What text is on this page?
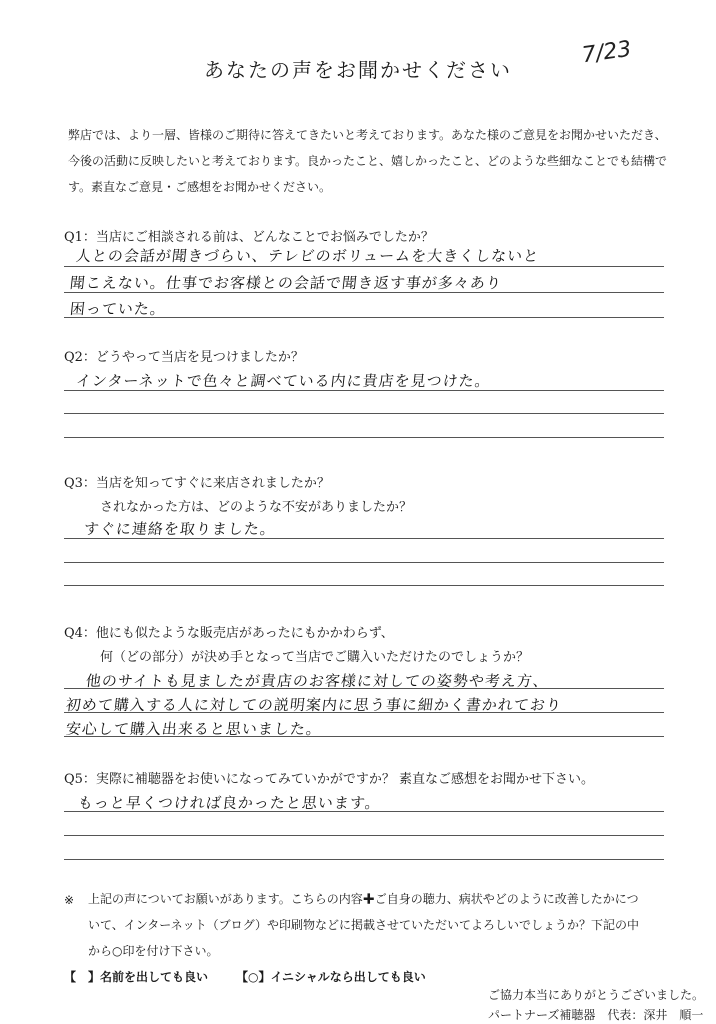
あなたの声をお聞かせください
7/23
弊店では、より一層、皆様のご期待に答えてきたいと考えております。あなた様のご意見をお聞かせいただき、今後の活動に反映したいと考えております。良かったこと、嬉しかったこと、どのような些細なことでも結構です。素直なご意見・ご感想をお聞かせください。
Q1：当店にご相談される前は、どんなことでお悩みでしたか？
人との会話が聞きづらい、テレビのボリュームを大きくしないと
聞こえない。仕事でお客様との会話で聞き返す事が多々あり
困っていた。
Q2：どうやって当店を見つけましたか？
インターネットで色々と調べている内に貴店を見つけた。
Q3：当店を知ってすぐに来店されましたか？
されなかった方は、どのような不安がありましたか？
すぐに連絡を取りました。
Q4：他にも似たような販売店があったにもかかわらず、
何（どの部分）が決め手となって当店でご購入いただけたのでしょうか？
他のサイトも見ましたが貴店のお客様に対しての姿勢や考え方、
初めて購入する人に対しての説明案内に思う事に細かく書かれており
安心して購入出来ると思いました。
Q5：実際に補聴器をお使いになってみていかがですか？ 素直なご感想をお聞かせ下さい。
もっと早くつければ良かったと思います。
※ 上記の声についてお願いがあります。こちらの内容✚ご自身の聴力、病状やどのように改善したかにつ
いて、インターネット（ブログ）や印刷物などに掲載させていただいてよろしいでしょうか？下記の中
から○印を付け下さい。
【　】名前を出しても良い 【○】イニシャルなら出しても良い
ご協力本当にありがとうございました。
パートナーズ補聴器　代表：深井　順一
